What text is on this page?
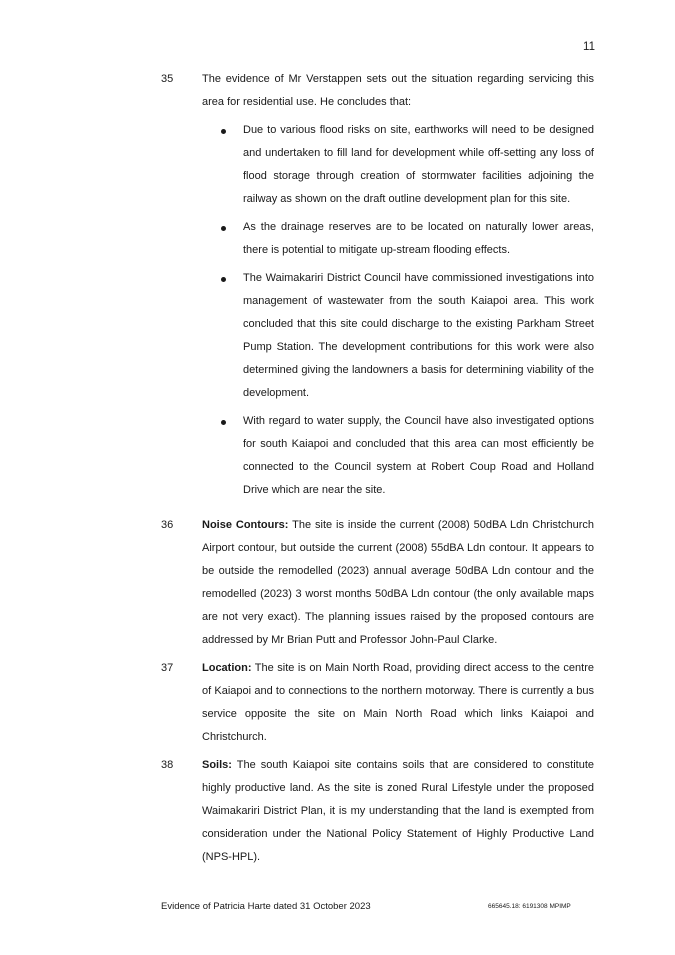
11
35	The evidence of Mr Verstappen sets out the situation regarding servicing this area for residential use. He concludes that:

Due to various flood risks on site, earthworks will need to be designed and undertaken to fill land for development while off-setting any loss of flood storage through creation of stormwater facilities adjoining the railway as shown on the draft outline development plan for this site.

As the drainage reserves are to be located on naturally lower areas, there is potential to mitigate up-stream flooding effects.

The Waimakariri District Council have commissioned investigations into management of wastewater from the south Kaiapoi area. This work concluded that this site could discharge to the existing Parkham Street Pump Station. The development contributions for this work were also determined giving the landowners a basis for determining viability of the development.

With regard to water supply, the Council have also investigated options for south Kaiapoi and concluded that this area can most efficiently be connected to the Council system at Robert Coup Road and Holland Drive which are near the site.

36	Noise Contours: The site is inside the current (2008) 50dBA Ldn Christchurch Airport contour, but outside the current (2008) 55dBA Ldn contour. It appears to be outside the remodelled (2023) annual average 50dBA Ldn contour and the remodelled (2023) 3 worst months 50dBA Ldn contour (the only available maps are not very exact). The planning issues raised by the proposed contours are addressed by Mr Brian Putt and Professor John-Paul Clarke.

37	Location: The site is on Main North Road, providing direct access to the centre of Kaiapoi and to connections to the northern motorway. There is currently a bus service opposite the site on Main North Road which links Kaiapoi and Christchurch.

38	Soils: The south Kaiapoi site contains soils that are considered to constitute highly productive land. As the site is zoned Rural Lifestyle under the proposed Waimakariri District Plan, it is my understanding that the land is exempted from consideration under the National Policy Statement of Highly Productive Land (NPS-HPL).

Evidence of Patricia Harte dated 31 October 2023	665645.18: 6191308 MPIMP
